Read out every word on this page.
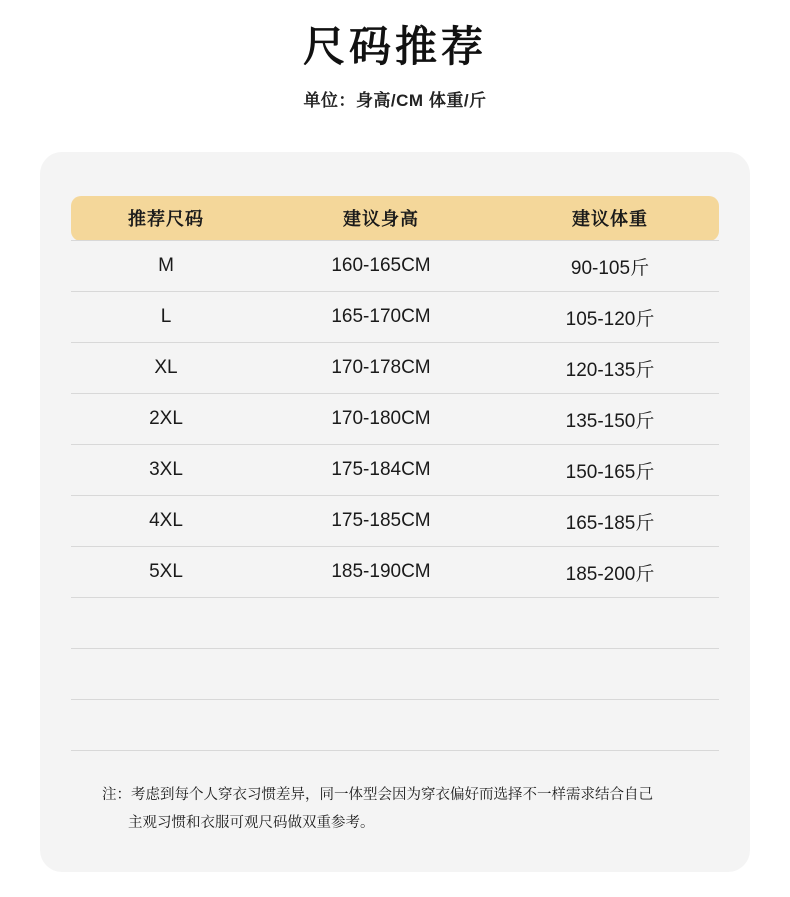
尺码推荐
单位：身高/CM 体重/斤
推荐尺码	建议身高	建议体重
M	160-165CM	90-105斤
L	165-170CM	105-120斤
XL	170-178CM	120-135斤
2XL	170-180CM	135-150斤
3XL	175-184CM	150-165斤
4XL	175-185CM	165-185斤
5XL	185-190CM	185-200斤

注：考虑到每个人穿衣习惯差异，同一体型会因为穿衣偏好而选择不一样需求结合自己
主观习惯和衣服可观尺码做双重参考。
